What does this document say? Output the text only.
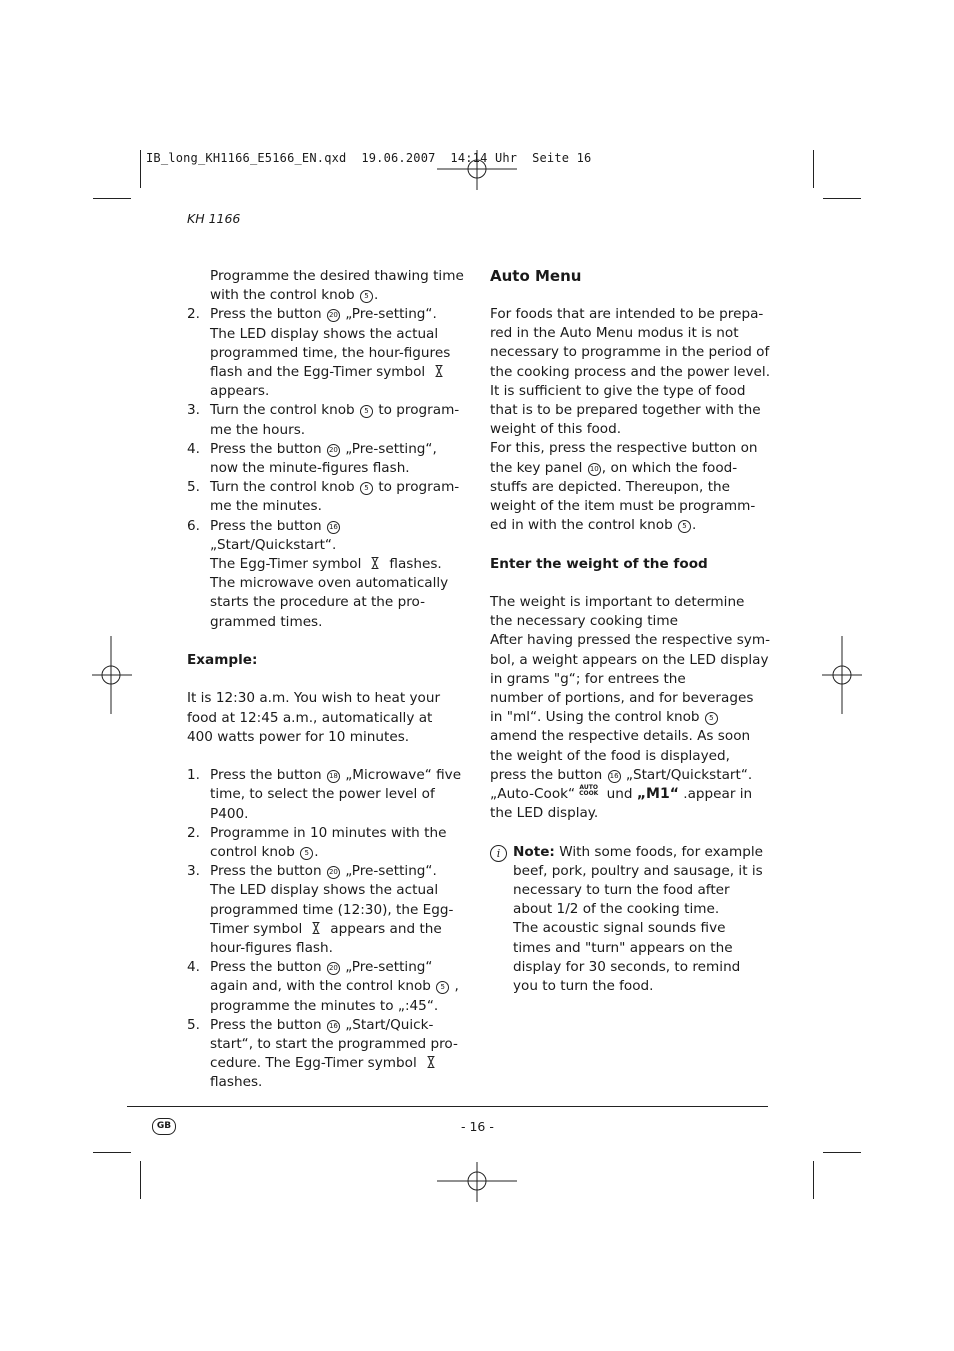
IB_long_KH1166_E5166_EN.qxd  19.06.2007  14:14 Uhr  Seite 16
KH 1166

Programme the desired thawing time

with the control knob 5 .

2. Press the button 20 „Pre-setting“.

The LED display shows the actual

programmed time, the hour-figures

flash and the Egg-Timer symbol

appears.

3. Turn the control knob 5 to program-

me the hours.

4. Press the button 20 „Pre-setting“,

now the minute-figures flash.

5. Turn the control knob 5 to program-

me the minutes.

6. Press the button 16 „Start/Quickstart“.

The Egg-Timer symbol flashes.

The microwave oven automatically

starts the procedure at the pro-

grammed times.

Example:

It is 12:30 a.m. You wish to heat your

food at 12:45 a.m., automatically at

400 watts power for 10 minutes.

1. Press the button 18 „Microwave“ five

time, to select the power level of

P400.

2. Programme in 10 minutes with the

control knob 5 .

3. Press the button 20 „Pre-setting“.

The LED display shows the actual

programmed time (12:30), the Egg-

Timer symbol appears and the

hour-figures flash.

4. Press the button 20 „Pre-setting“

again and, with the control knob 5 ,

programme the minutes to „:45“.

5. Press the button 16 „Start/Quick-

start“, to start the programmed pro-

cedure. The Egg-Timer symbol

flashes.

Auto Menu

For foods that are intended to be prepa-

red in the Auto Menu modus it is not

necessary to programme in the period of

the cooking process and the power level.

It is sufficient to give the type of food

that is to be prepared together with the

weight of this food.

For this, press the respective button on

the key panel 10 , on which the food-

stuffs are depicted. Thereupon, the

weight of the item must be programm-

ed in with the control knob 5 .

Enter the weight of the food

The weight is important to determine

the necessary cooking time

After having pressed the respective sym-

bol, a weight appears on the LED display

in grams "g“; for entrees the

number of portions, and for beverages

in "ml“. Using the control knob 5

amend the respective details. As soon

the weight of the food is displayed,

press the button 16 „Start/Quickstart“.

„Auto-Cook“ AUTO
COOK und „M1“ .appear in

the LED display.

i Note: With some foods, for example

beef, pork, poultry and sausage, it is

necessary to turn the food after

about 1/2 of the cooking time.

The acoustic signal sounds five

times and "turn" appears on the

display for 30 seconds, to remind

you to turn the food.

GB	- 16 -
